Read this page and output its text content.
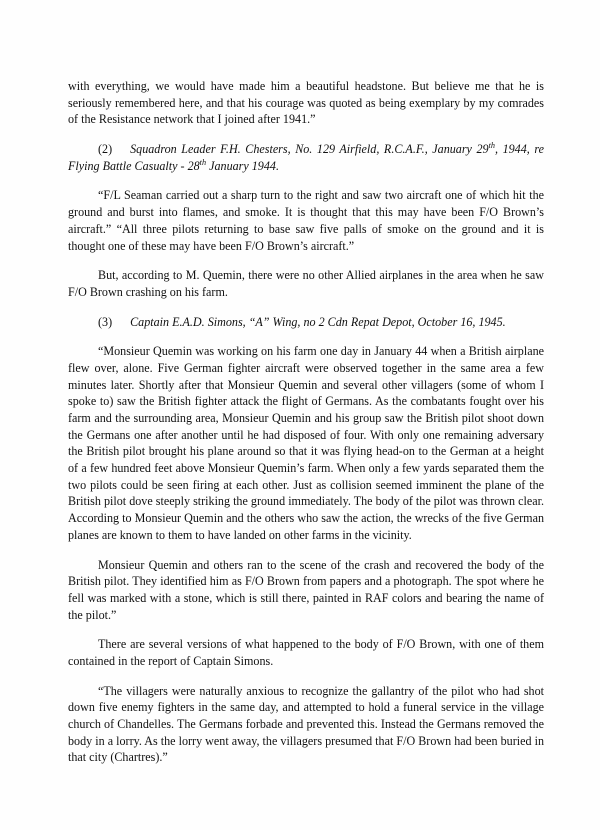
with everything, we would have made him a beautiful headstone. But believe me that he is seriously remembered here, and that his courage was quoted as being exemplary by my comrades of the Resistance network that I joined after 1941.”

(2) Squadron Leader F.H. Chesters, No. 129 Airfield, R.C.A.F., January 29th, 1944, re Flying Battle Casualty - 28th January 1944.

“F/L Seaman carried out a sharp turn to the right and saw two aircraft one of which hit the ground and burst into flames, and smoke. It is thought that this may have been F/O Brown’s aircraft.” “All three pilots returning to base saw five palls of smoke on the ground and it is thought one of these may have been F/O Brown’s aircraft.”

But, according to M. Quemin, there were no other Allied airplanes in the area when he saw F/O Brown crashing on his farm.

(3) Captain E.A.D. Simons, “A” Wing, no 2 Cdn Repat Depot, October 16, 1945.

“Monsieur Quemin was working on his farm one day in January 44 when a British airplane flew over, alone. Five German fighter aircraft were observed together in the same area a few minutes later. Shortly after that Monsieur Quemin and several other villagers (some of whom I spoke to) saw the British fighter attack the flight of Germans. As the combatants fought over his farm and the surrounding area, Monsieur Quemin and his group saw the British pilot shoot down the Germans one after another until he had disposed of four. With only one remaining adversary the British pilot brought his plane around so that it was flying head-on to the German at a height of a few hundred feet above Monsieur Quemin’s farm. When only a few yards separated them the two pilots could be seen firing at each other. Just as collision seemed imminent the plane of the British pilot dove steeply striking the ground immediately. The body of the pilot was thrown clear. According to Monsieur Quemin and the others who saw the action, the wrecks of the five German planes are known to them to have landed on other farms in the vicinity.

Monsieur Quemin and others ran to the scene of the crash and recovered the body of the British pilot. They identified him as F/O Brown from papers and a photograph. The spot where he fell was marked with a stone, which is still there, painted in RAF colors and bearing the name of the pilot.”

There are several versions of what happened to the body of F/O Brown, with one of them contained in the report of Captain Simons.

“The villagers were naturally anxious to recognize the gallantry of the pilot who had shot down five enemy fighters in the same day, and attempted to hold a funeral service in the village church of Chandelles. The Germans forbade and prevented this. Instead the Germans removed the body in a lorry. As the lorry went away, the villagers presumed that F/O Brown had been buried in that city (Chartres).”
